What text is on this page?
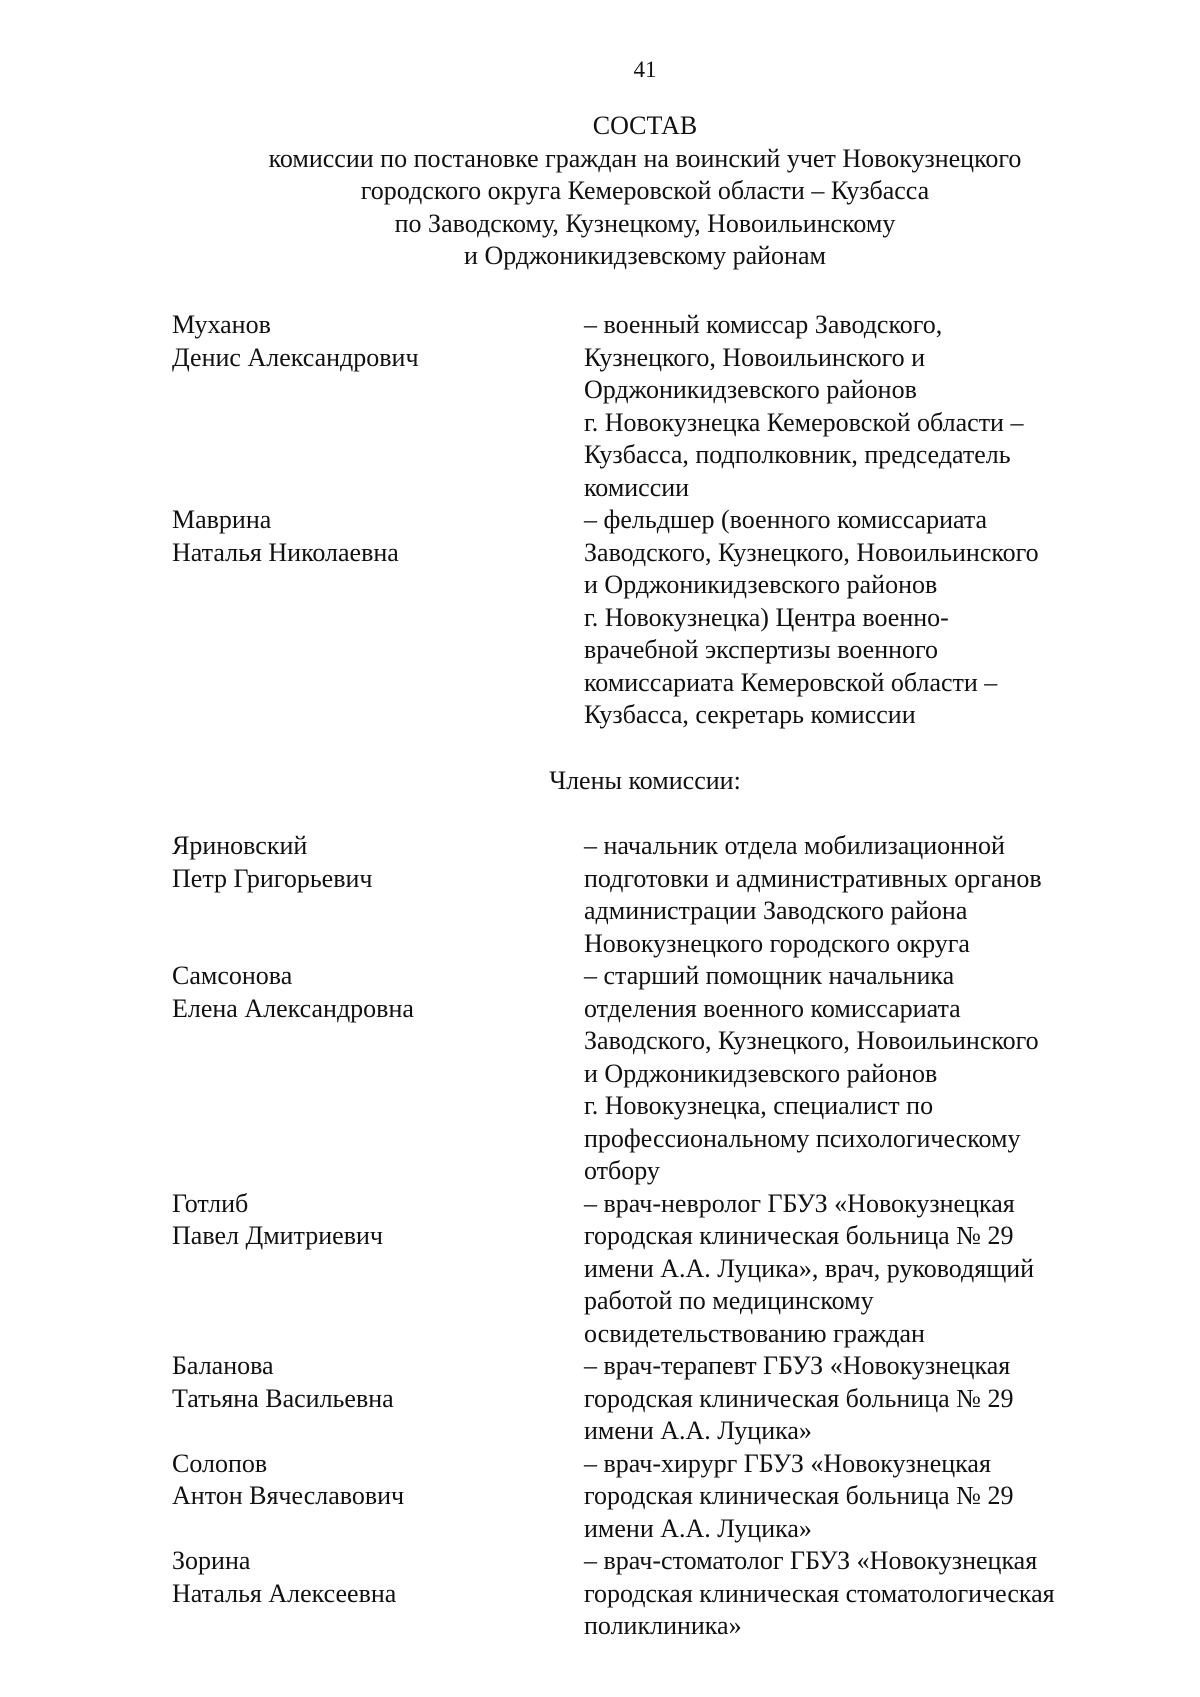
41
СОСТАВ
комиссии по постановке граждан на воинский учет Новокузнецкого
городского округа Кемеровской области – Кузбасса
по Заводскому, Кузнецкому, Новоильинскому
и Орджоникидзевскому районам
Муханов
Денис Александрович
– военный комиссар Заводского,
Кузнецкого, Новоильинского и
Орджоникидзевского районов
г. Новокузнецка Кемеровской области –
Кузбасса, подполковник, председатель
комиссии
Маврина
Наталья Николаевна
– фельдшер (военного комиссариата
Заводского, Кузнецкого, Новоильинского
и Орджоникидзевского районов
г. Новокузнецка) Центра военно-
врачебной экспертизы военного
комиссариата Кемеровской области –
Кузбасса, секретарь комиссии
Члены комиссии:
Яриновский
Петр Григорьевич
– начальник отдела мобилизационной
подготовки и административных органов
администрации Заводского района
Новокузнецкого городского округа
Самсонова
Елена Александровна
– старший помощник начальника
отделения военного комиссариата
Заводского, Кузнецкого, Новоильинского
и Орджоникидзевского районов
г. Новокузнецка, специалист по
профессиональному психологическому
отбору
Готлиб
Павел Дмитриевич
– врач-невролог ГБУЗ «Новокузнецкая
городская клиническая больница № 29
имени А.А. Луцика», врач, руководящий
работой по медицинскому
освидетельствованию граждан
Баланова
Татьяна Васильевна
– врач-терапевт ГБУЗ «Новокузнецкая
городская клиническая больница № 29
имени А.А. Луцика»
Солопов
Антон Вячеславович
– врач-хирург ГБУЗ «Новокузнецкая
городская клиническая больница № 29
имени А.А. Луцика»
Зорина
Наталья Алексеевна
– врач-стоматолог ГБУЗ «Новокузнецкая
городская клиническая стоматологическая
поликлиника»
